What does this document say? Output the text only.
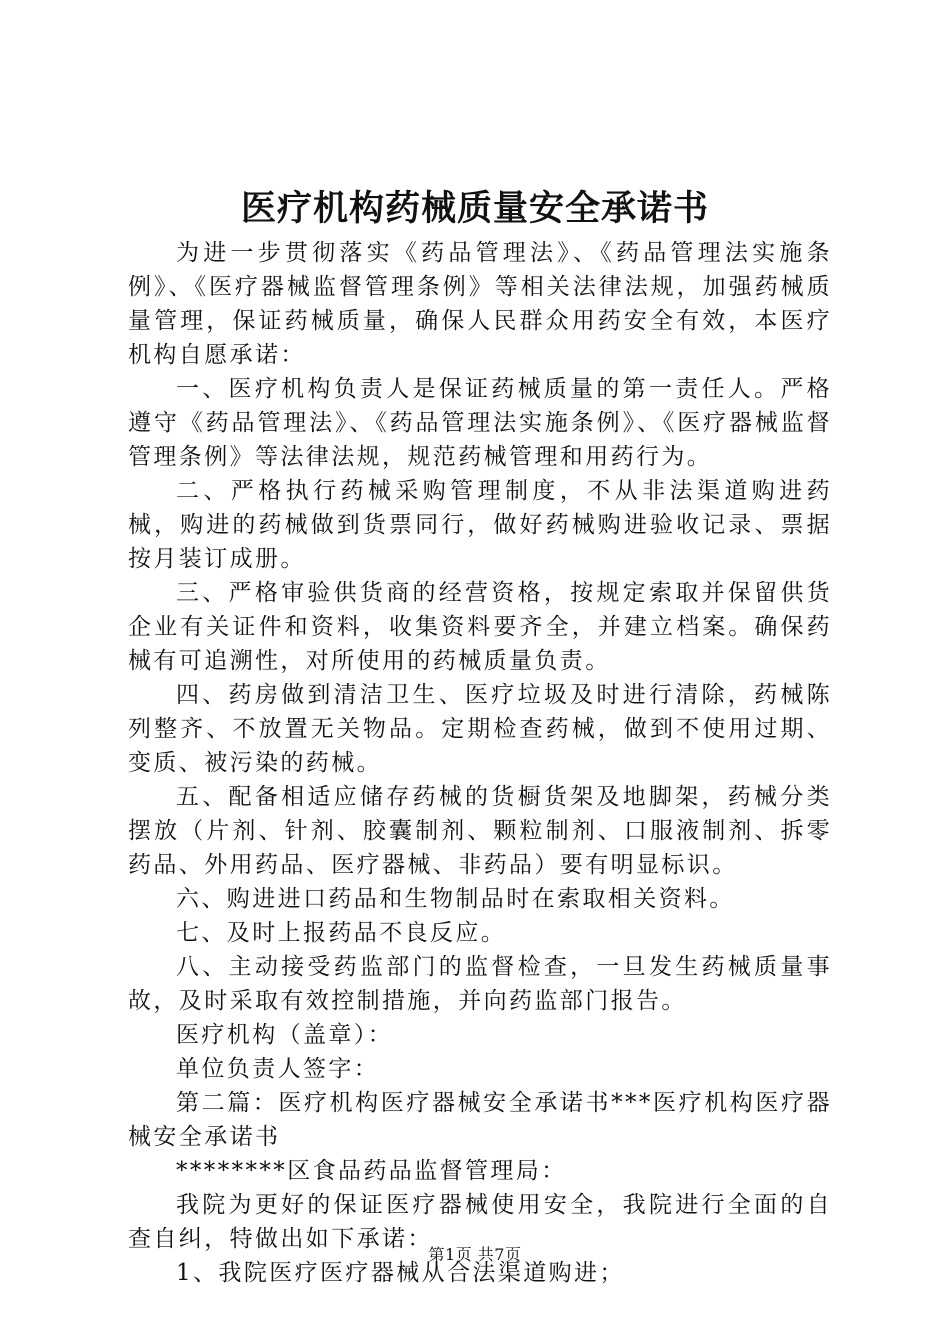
医疗机构药械质量安全承诺书

为进一步贯彻落实《药品管理法》、《药品管理法实施条例》、《医疗器械监督管理条例》等相关法律法规，加强药械质量管理，保证药械质量，确保人民群众用药安全有效，本医疗机构自愿承诺：

一、医疗机构负责人是保证药械质量的第一责任人。严格遵守《药品管理法》、《药品管理法实施条例》、《医疗器械监督管理条例》等法律法规，规范药械管理和用药行为。

二、严格执行药械采购管理制度，不从非法渠道购进药械，购进的药械做到货票同行，做好药械购进验收记录、票据按月装订成册。

三、严格审验供货商的经营资格，按规定索取并保留供货企业有关证件和资料，收集资料要齐全，并建立档案。确保药械有可追溯性，对所使用的药械质量负责。

四、药房做到清洁卫生、医疗垃圾及时进行清除，药械陈列整齐、不放置无关物品。定期检查药械，做到不使用过期、变质、被污染的药械。

五、配备相适应储存药械的货橱货架及地脚架，药械分类摆放（片剂、针剂、胶囊制剂、颗粒制剂、口服液制剂、拆零药品、外用药品、医疗器械、非药品）要有明显标识。

六、购进进口药品和生物制品时在索取相关资料。

七、及时上报药品不良反应。

八、主动接受药监部门的监督检查，一旦发生药械质量事故，及时采取有效控制措施，并向药监部门报告。

医疗机构（盖章）：

单位负责人签字：

第二篇：医疗机构医疗器械安全承诺书***医疗机构医疗器械安全承诺书

********区食品药品监督管理局：

我院为更好的保证医疗器械使用安全，我院进行全面的自查自纠，特做出如下承诺：

1、我院医疗医疗器械从合法渠道购进；

第1页 共7页
